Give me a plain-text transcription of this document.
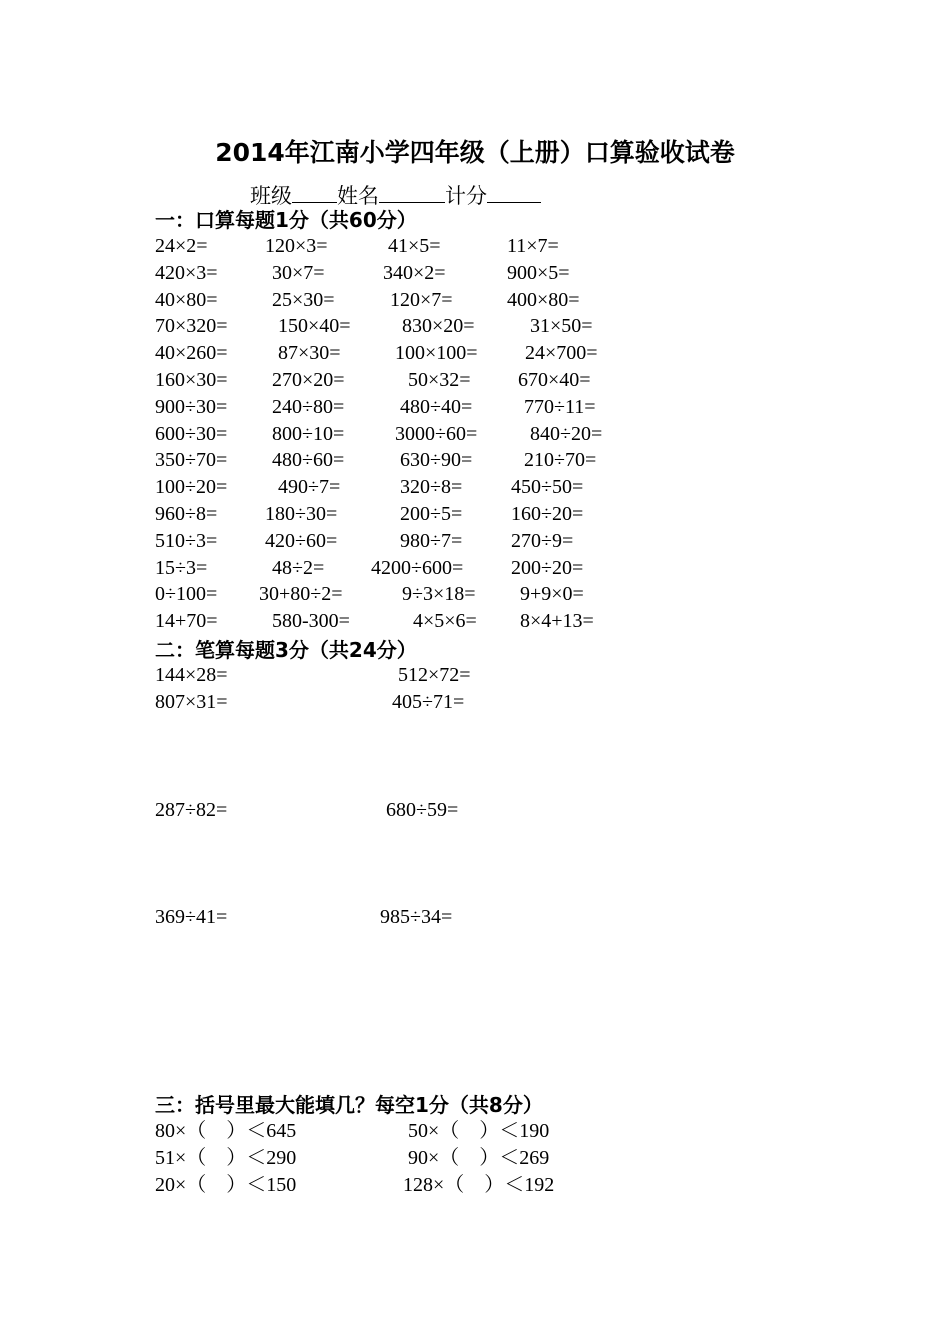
2014年江南小学四年级（上册）口算验收试卷
班级 姓名	计分
一：口算每题1分（共60分）
24×2=	120×3=	41×5=	11×7=
420×3=	30×7=	340×2=	900×5=
40×80=	25×30=	120×7=	400×80=
70×320=	150×40=	830×20=	31×50=
40×260=	87×30=	100×100= 24×700=
160×30= 270×20=	50×32= 670×40=
900÷30= 240÷80=	480÷40=	770÷11=
600÷30= 800÷10=	3000÷60=	840÷20=
350÷70= 480÷60=	630÷90=	210÷70=
100÷20=	490÷7=	320÷8= 450÷50=
960÷8= 180÷30=	200÷5= 160÷20=
510÷3= 420÷60=	980÷7= 270÷9=
15÷3=	48÷2= 4200÷600= 200÷20=
0÷100= 30+80÷2=	9÷3×18= 9+9×0=
14+70=	580-300=	4×5×6= 8×4+13=
二：笔算每题3分（共24分）
144×28=	512×72=
807×31=	405÷71=
287÷82=	680÷59=
369÷41=	985÷34=
三：括号里最大能填几？每空1分（共8分）
80×（    ）＜645	50×（    ）＜190
51×（    ）＜290	90×（    ）＜269
20×（    ）＜150	128×（    ）＜192
